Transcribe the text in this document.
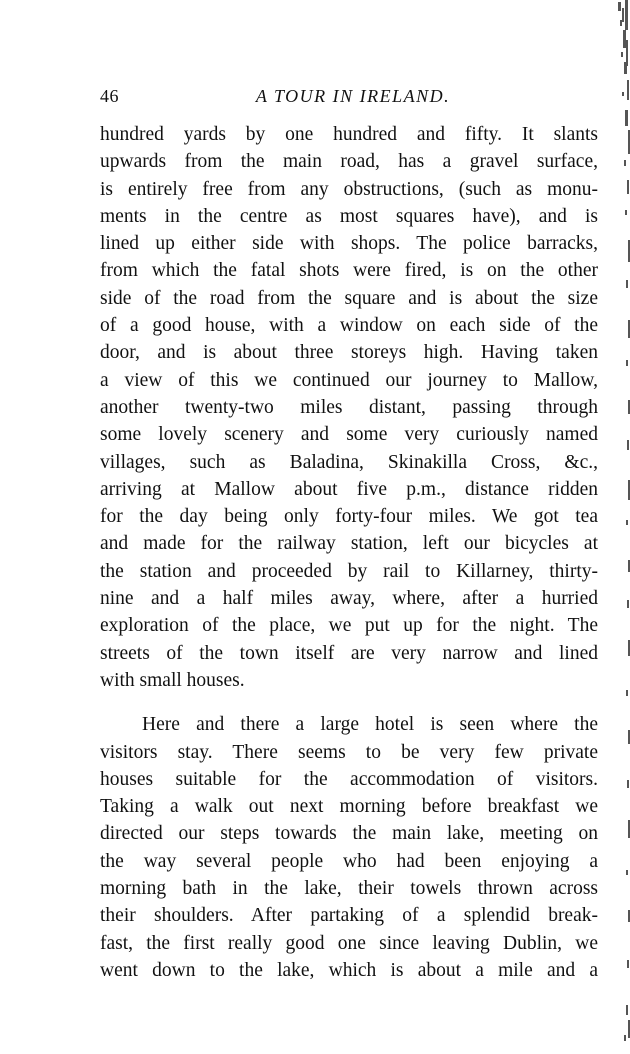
46	A TOUR IN IRELAND.
hundred yards by one hundred and fifty. It slants
upwards from the main road, has a gravel surface,
is entirely free from any obstructions, (such as monu-
ments in the centre as most squares have), and is
lined up either side with shops. The police barracks,
from which the fatal shots were fired, is on the other
side of the road from the square and is about the size
of a good house, with a window on each side of the
door, and is about three storeys high. Having taken
a view of this we continued our journey to Mallow,
another twenty-two miles distant, passing through
some lovely scenery and some very curiously named
villages, such as Baladina, Skinakilla Cross, &c.,
arriving at Mallow about five p.m., distance ridden
for the day being only forty-four miles. We got tea
and made for the railway station, left our bicycles at
the station and proceeded by rail to Killarney, thirty-
nine and a half miles away, where, after a hurried
exploration of the place, we put up for the night. The
streets of the town itself are very narrow and lined
with small houses.
Here and there a large hotel is seen where the
visitors stay. There seems to be very few private
houses suitable for the accommodation of visitors.
Taking a walk out next morning before breakfast we
directed our steps towards the main lake, meeting on
the way several people who had been enjoying a
morning bath in the lake, their towels thrown across
their shoulders. After partaking of a splendid break-
fast, the first really good one since leaving Dublin, we
went down to the lake, which is about a mile and a
